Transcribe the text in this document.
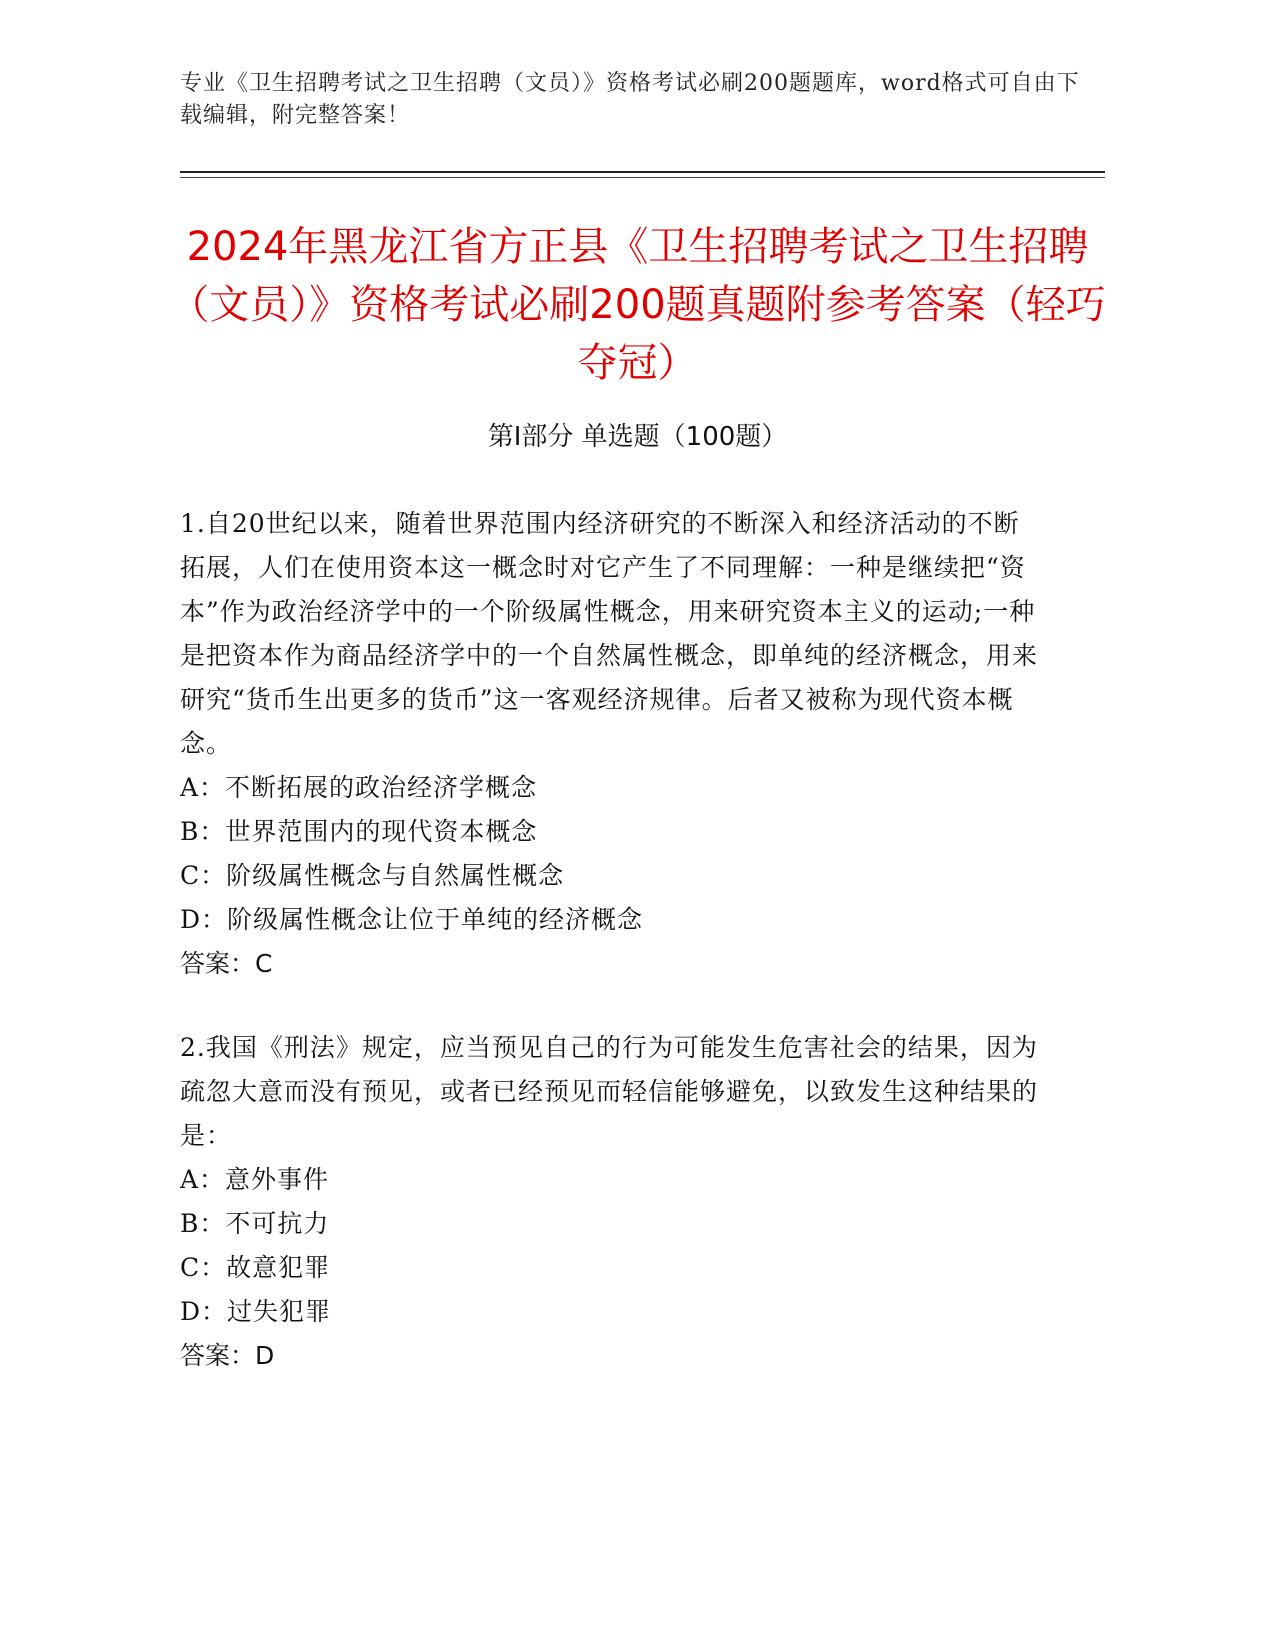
专业《卫生招聘考试之卫生招聘（文员）》资格考试必刷200题题库，word格式可自由下载编辑，附完整答案！
2024年黑龙江省方正县《卫生招聘考试之卫生招聘（文员）》资格考试必刷200题真题附参考答案（轻巧夺冠）
第I部分 单选题（100题）

1.自20世纪以来，随着世界范围内经济研究的不断深入和经济活动的不断拓展，人们在使用资本这一概念时对它产生了不同理解：一种是继续把“资本”作为政治经济学中的一个阶级属性概念，用来研究资本主义的运动;一种是把资本作为商品经济学中的一个自然属性概念，即单纯的经济概念，用来研究“货币生出更多的货币”这一客观经济规律。后者又被称为现代资本概念。

A：不断拓展的政治经济学概念

B：世界范围内的现代资本概念

C：阶级属性概念与自然属性概念

D：阶级属性概念让位于单纯的经济概念

答案：C

2.我国《刑法》规定，应当预见自己的行为可能发生危害社会的结果，因为疏忽大意而没有预见，或者已经预见而轻信能够避免，以致发生这种结果的是：

A：意外事件

B：不可抗力

C：故意犯罪

D：过失犯罪

答案：D
